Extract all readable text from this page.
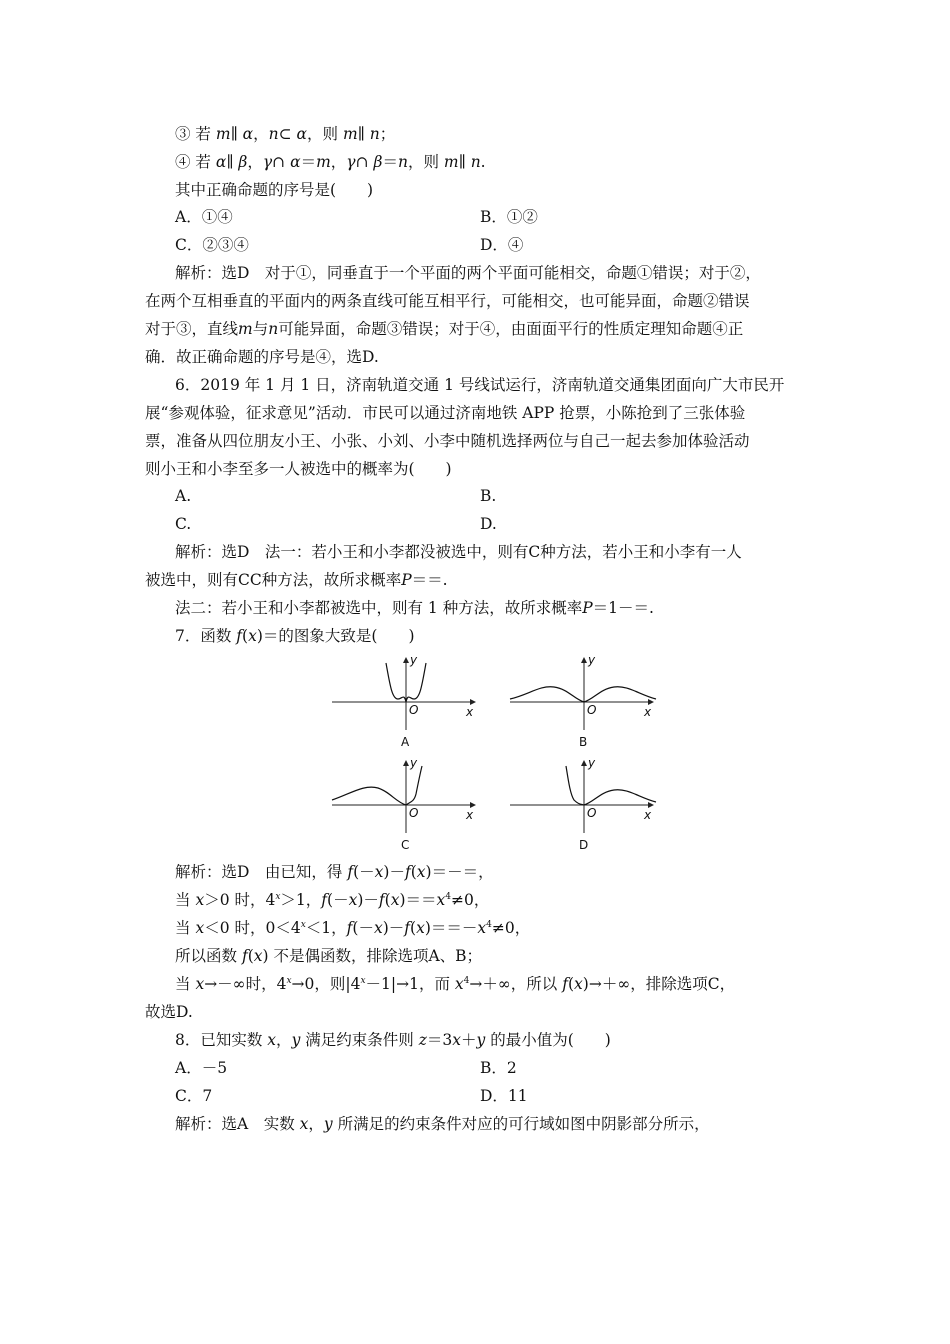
③ 若 m∥ α，n⊂ α，则 m∥ n；
④ 若 α∥ β，γ∩ α＝m，γ∩ β＝n，则 m∥ n.
其中正确命题的序号是(　　)
A．①④	B．①②
C．②③④	D．④
解析：选D　对于①，同垂直于一个平面的两个平面可能相交，命题①错误；对于②，
在两个互相垂直的平面内的两条直线可能互相平行，可能相交，也可能异面，命题②错误
对于③，直线m与n可能异面，命题③错误；对于④，由面面平行的性质定理知命题④正
确．故正确命题的序号是④，选D.
6．2019 年 1 月 1 日，济南轨道交通 1 号线试运行，济南轨道交通集团面向广大市民开
展“参观体验，征求意见”活动．市民可以通过济南地铁 APP 抢票，小陈抢到了三张体验
票，准备从四位朋友小王、小张、小刘、小李中随机选择两位与自己一起去参加体验活动
则小王和小李至多一人被选中的概率为(　　)
A.	B.
C.	D.
解析：选D　法一：若小王和小李都没被选中，则有C种方法，若小王和小李有一人
被选中，则有CC种方法，故所求概率P＝＝.
法二：若小王和小李都被选中，则有 1 种方法，故所求概率P＝1－＝.
7．函数 f(x)＝的图象大致是(　　)
y
x
O
A
y
x
O
B
y
x
O
C
y
x
O
D
解析：选D　由已知，得 f(－x)－f(x)＝－＝，
当 x＞0 时，$4^x>1$，$f(-x)-f(x)==x^4\ne 0$，
当 x＜0 时，$0<4^x<1$，$f(-x)-f(x)==-x^4\ne 0$，
所以函数 f(x) 不是偶函数，排除选项A、B；
当 x→－∞时，$4^x\to 0$，则$|4^x-1|\to 1$，而 $x^4\to+\infty$，所以 f(x)→＋∞，排除选项C，
故选D.
8．已知实数 x，y 满足约束条件则 z＝3x＋y 的最小值为(　　)
A．－5	B．2
C．7	D．11
解析：选A　实数 x，y 所满足的约束条件对应的可行域如图中阴影部分所示，
